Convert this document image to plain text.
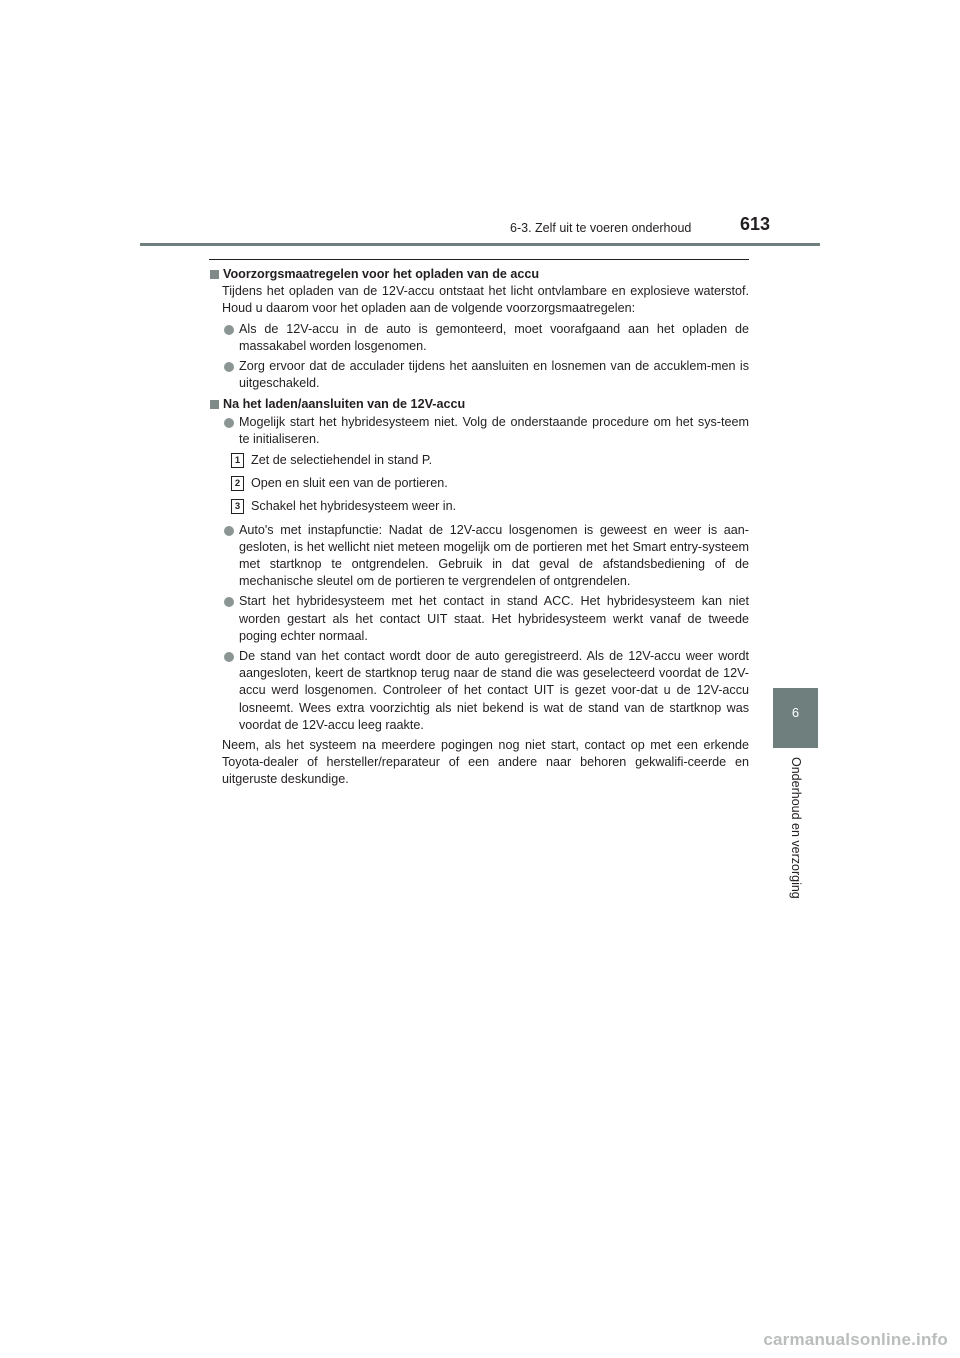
6-3. Zelf uit te voeren onderhoud	613
6
Onderhoud en verzorging

Voorzorgsmaatregelen voor het opladen van de accu

Tijdens het opladen van de 12V-accu ontstaat het licht ontvlambare en explosieve waterstof. Houd u daarom voor het opladen aan de volgende voorzorgsmaatregelen:

Als de 12V-accu in de auto is gemonteerd, moet voorafgaand aan het opladen de massakabel worden losgenomen.
Zorg ervoor dat de acculader tijdens het aansluiten en losnemen van de accuklem-men is uitgeschakeld.

Na het laden/aansluiten van de 12V-accu

Mogelijk start het hybridesysteem niet. Volg de onderstaande procedure om het sys-teem te initialiseren.
1 Zet de selectiehendel in stand P.
2 Open en sluit een van de portieren.
3 Schakel het hybridesysteem weer in.
Auto's met instapfunctie: Nadat de 12V-accu losgenomen is geweest en weer is aan-gesloten, is het wellicht niet meteen mogelijk om de portieren met het Smart entry-systeem met startknop te ontgrendelen. Gebruik in dat geval de afstandsbediening of de mechanische sleutel om de portieren te vergrendelen of ontgrendelen.
Start het hybridesysteem met het contact in stand ACC. Het hybridesysteem kan niet worden gestart als het contact UIT staat. Het hybridesysteem werkt vanaf de tweede poging echter normaal.
De stand van het contact wordt door de auto geregistreerd. Als de 12V-accu weer wordt aangesloten, keert de startknop terug naar de stand die was geselecteerd voordat de 12V-accu werd losgenomen. Controleer of het contact UIT is gezet voor-dat u de 12V-accu losneemt. Wees extra voorzichtig als niet bekend is wat de stand van de startknop was voordat de 12V-accu leeg raakte.

Neem, als het systeem na meerdere pogingen nog niet start, contact op met een erkende Toyota-dealer of hersteller/reparateur of een andere naar behoren gekwalifi-ceerde en uitgeruste deskundige.

carmanualsonline.info
